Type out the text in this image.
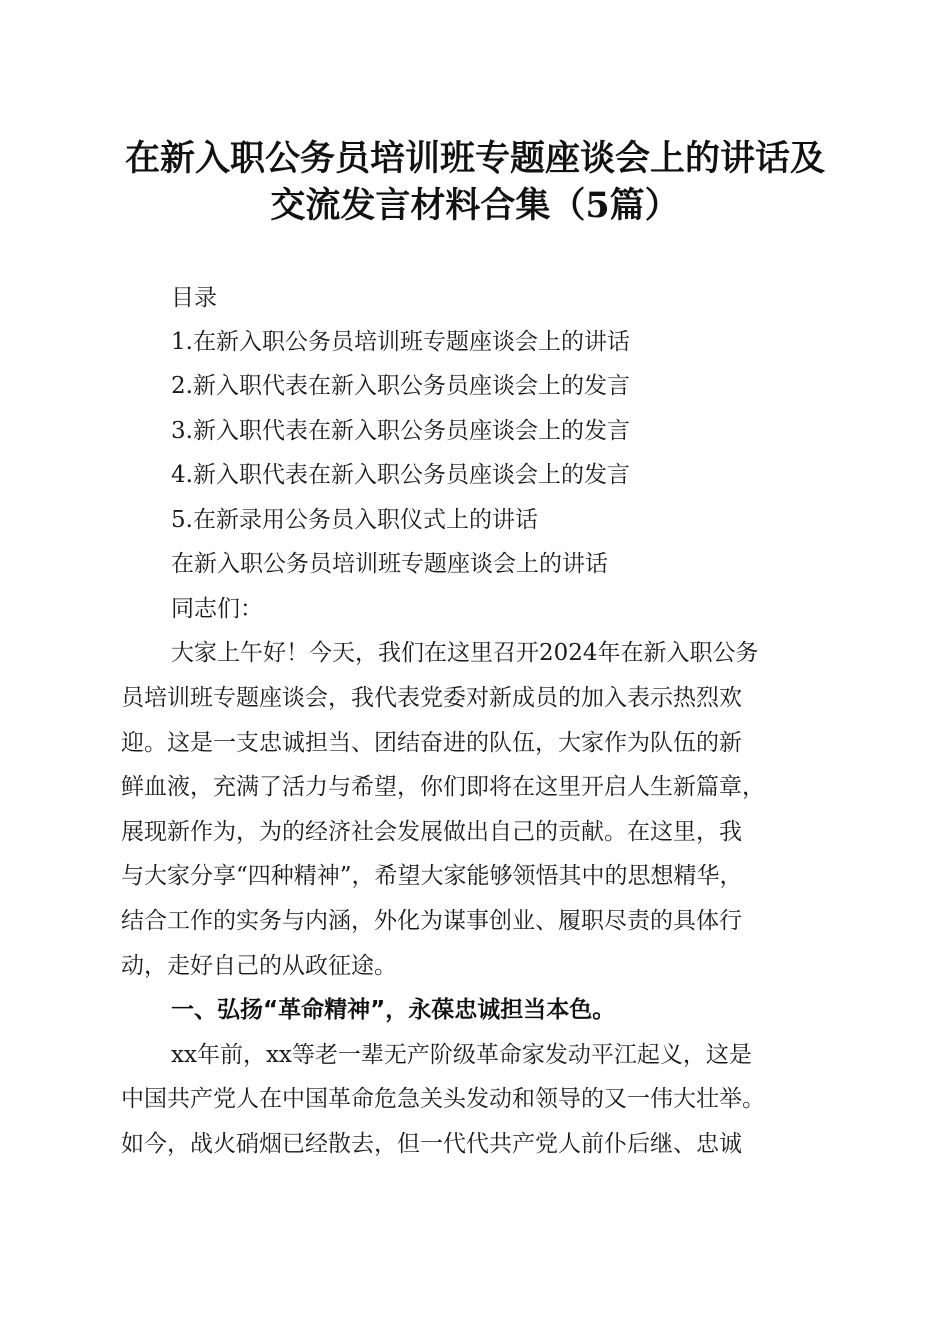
在新入职公务员培训班专题座谈会上的讲话及
交流发言材料合集（5篇）
目录
1.在新入职公务员培训班专题座谈会上的讲话
2.新入职代表在新入职公务员座谈会上的发言
3.新入职代表在新入职公务员座谈会上的发言
4.新入职代表在新入职公务员座谈会上的发言
5.在新录用公务员入职仪式上的讲话
在新入职公务员培训班专题座谈会上的讲话
同志们：
大家上午好！今天，我们在这里召开2024年在新入职公务
员培训班专题座谈会，我代表党委对新成员的加入表示热烈欢
迎。这是一支忠诚担当、团结奋进的队伍，大家作为队伍的新
鲜血液，充满了活力与希望，你们即将在这里开启人生新篇章，
展现新作为，为的经济社会发展做出自己的贡献。在这里，我
与大家分享“四种精神”，希望大家能够领悟其中的思想精华，
结合工作的实务与内涵，外化为谋事创业、履职尽责的具体行
动，走好自己的从政征途。
一、弘扬“革命精神”，永葆忠诚担当本色。
xx年前，xx等老一辈无产阶级革命家发动平江起义，这是
中国共产党人在中国革命危急关头发动和领导的又一伟大壮举。
如今，战火硝烟已经散去，但一代代共产党人前仆后继、忠诚
